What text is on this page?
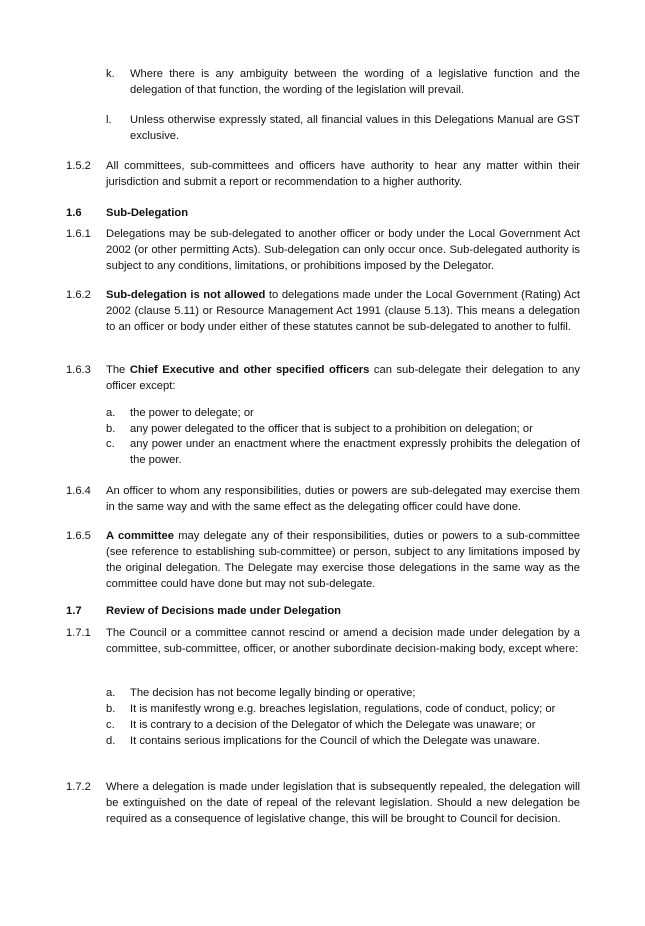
k. Where there is any ambiguity between the wording of a legislative function and the delegation of that function, the wording of the legislation will prevail.
l. Unless otherwise expressly stated, all financial values in this Delegations Manual are GST exclusive.
1.5.2 All committees, sub-committees and officers have authority to hear any matter within their jurisdiction and submit a report or recommendation to a higher authority.
1.6 Sub-Delegation
1.6.1 Delegations may be sub-delegated to another officer or body under the Local Government Act 2002 (or other permitting Acts). Sub-delegation can only occur once. Sub-delegated authority is subject to any conditions, limitations, or prohibitions imposed by the Delegator.
1.6.2 Sub-delegation is not allowed to delegations made under the Local Government (Rating) Act 2002 (clause 5.11) or Resource Management Act 1991 (clause 5.13). This means a delegation to an officer or body under either of these statutes cannot be sub-delegated to another to fulfil.
1.6.3 The Chief Executive and other specified officers can sub-delegate their delegation to any officer except:
a. the power to delegate; or
b. any power delegated to the officer that is subject to a prohibition on delegation; or
c. any power under an enactment where the enactment expressly prohibits the delegation of the power.
1.6.4 An officer to whom any responsibilities, duties or powers are sub-delegated may exercise them in the same way and with the same effect as the delegating officer could have done.
1.6.5 A committee may delegate any of their responsibilities, duties or powers to a sub-committee (see reference to establishing sub-committee) or person, subject to any limitations imposed by the original delegation. The Delegate may exercise those delegations in the same way as the committee could have done but may not sub-delegate.
1.7 Review of Decisions made under Delegation
1.7.1 The Council or a committee cannot rescind or amend a decision made under delegation by a committee, sub-committee, officer, or another subordinate decision-making body, except where:
a. The decision has not become legally binding or operative;
b. It is manifestly wrong e.g. breaches legislation, regulations, code of conduct, policy; or
c. It is contrary to a decision of the Delegator of which the Delegate was unaware; or
d. It contains serious implications for the Council of which the Delegate was unaware.
1.7.2 Where a delegation is made under legislation that is subsequently repealed, the delegation will be extinguished on the date of repeal of the relevant legislation. Should a new delegation be required as a consequence of legislative change, this will be brought to Council for decision.
